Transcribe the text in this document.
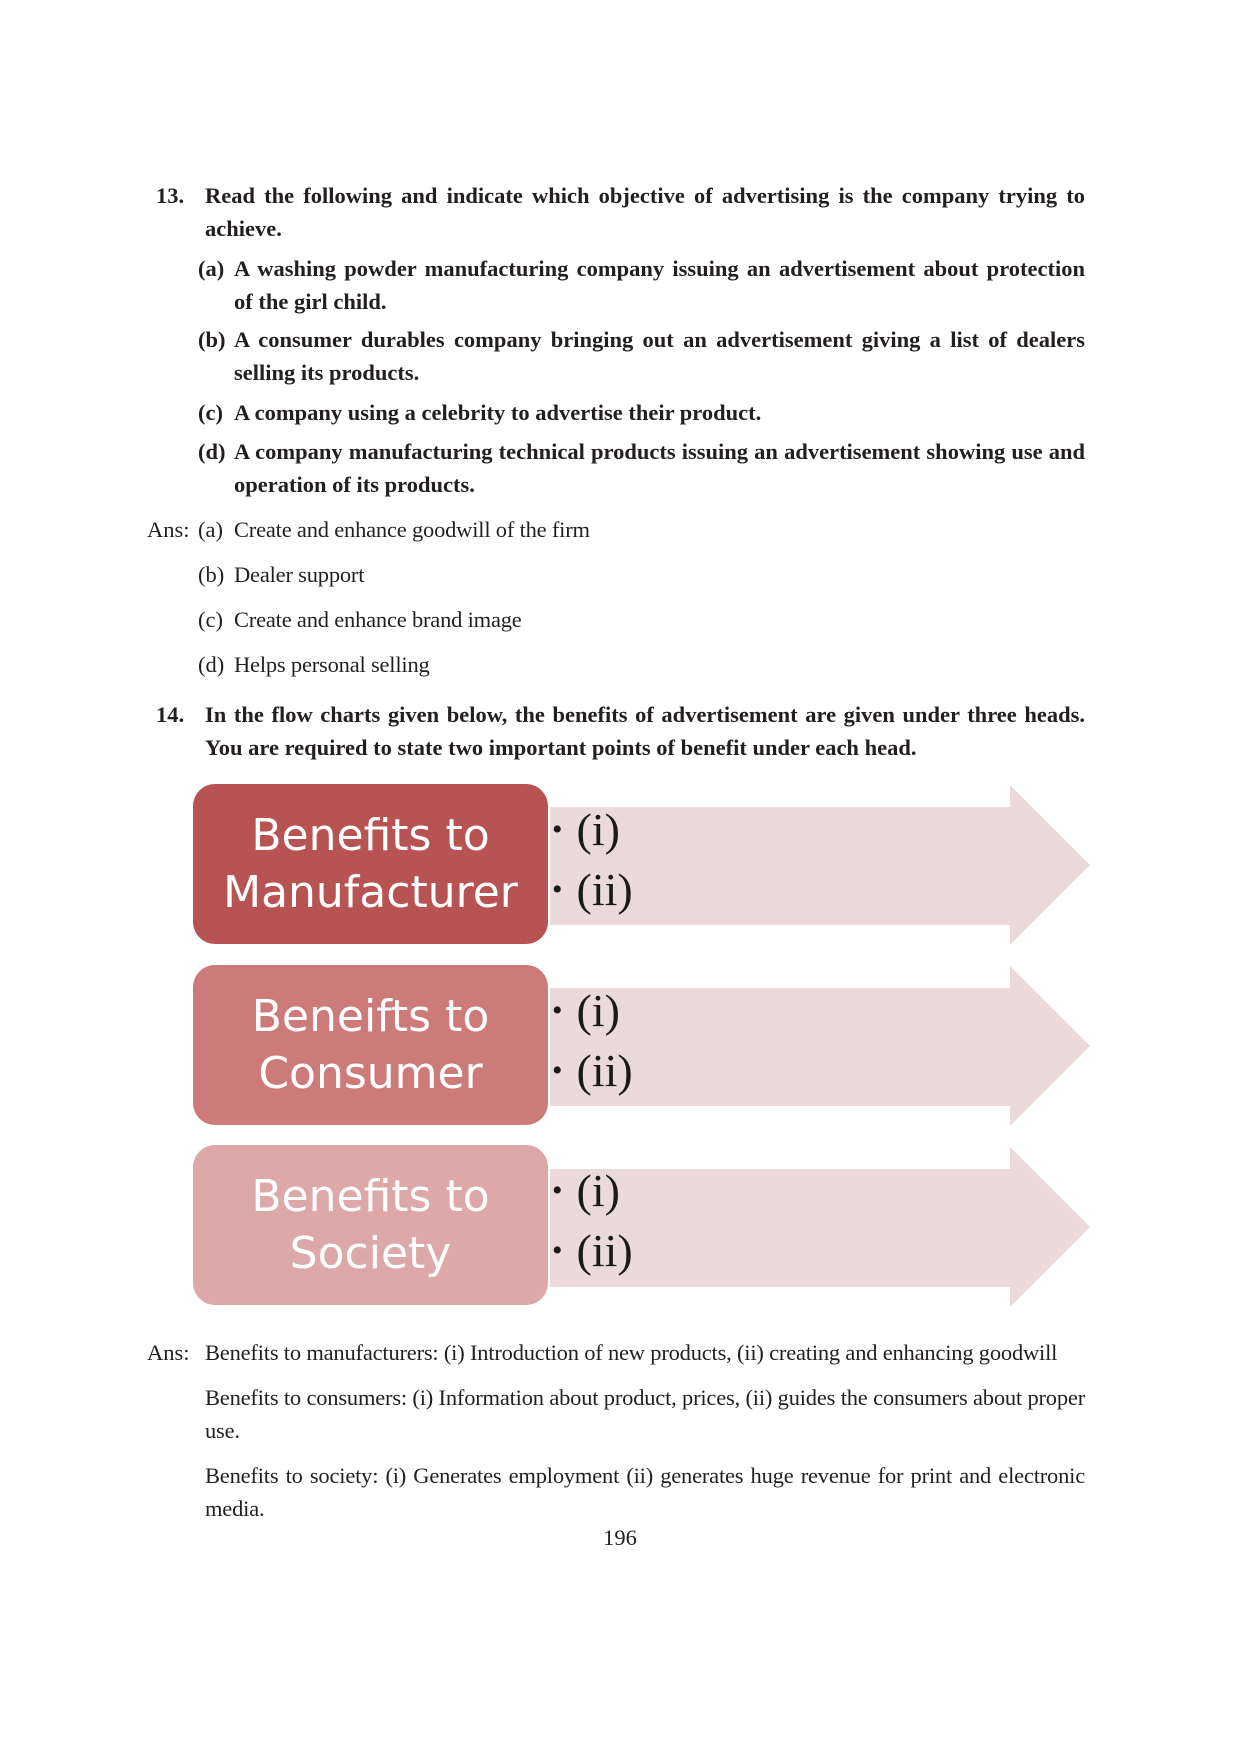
13. Read the following and indicate which objective of advertising is the company trying to achieve.
(a) A washing powder manufacturing company issuing an advertisement about protection of the girl child.
(b) A consumer durables company bringing out an advertisement giving a list of dealers selling its products.
(c) A company using a celebrity to advertise their product.
(d) A company manufacturing technical products issuing an advertisement showing use and operation of its products.
Ans: (a) Create and enhance goodwill of the firm
(b) Dealer support
(c) Create and enhance brand image
(d) Helps personal selling
14. In the flow charts given below, the benefits of advertisement are given under three heads. You are required to state two important points of benefit under each head.
Benefits to Manufacturer
• (i)
• (ii)
Beneifts to Consumer
• (i)
• (ii)
Benefits to Society
• (i)
• (ii)
Ans: Benefits to manufacturers: (i) Introduction of new products, (ii) creating and enhancing goodwill
Benefits to consumers: (i) Information about product, prices, (ii) guides the consumers about proper use.
Benefits to society: (i) Generates employment (ii) generates huge revenue for print and electronic media.
196
